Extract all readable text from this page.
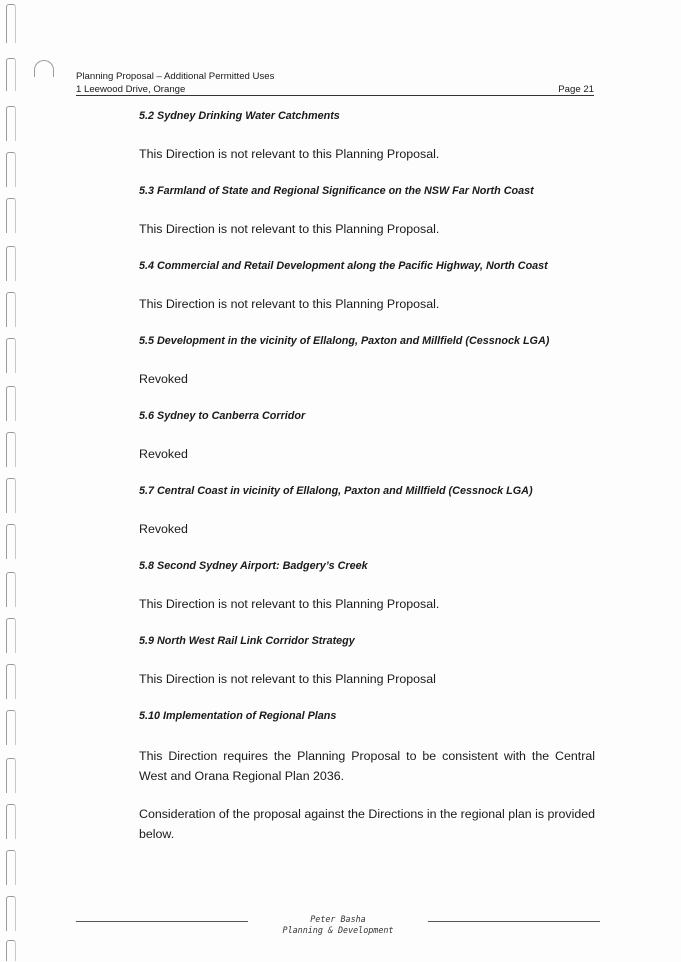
Planning Proposal – Additional Permitted Uses
1 Leewood Drive, Orange	Page 21

5.2 Sydney Drinking Water Catchments

This Direction is not relevant to this Planning Proposal.

5.3 Farmland of State and Regional Significance on the NSW Far North Coast

This Direction is not relevant to this Planning Proposal.

5.4 Commercial and Retail Development along the Pacific Highway, North Coast

This Direction is not relevant to this Planning Proposal.

5.5 Development in the vicinity of Ellalong, Paxton and Millfield (Cessnock LGA)

Revoked

5.6 Sydney to Canberra Corridor

Revoked

5.7 Central Coast in vicinity of Ellalong, Paxton and Millfield (Cessnock LGA)

Revoked

5.8 Second Sydney Airport: Badgery’s Creek

This Direction is not relevant to this Planning Proposal.

5.9 North West Rail Link Corridor Strategy

This Direction is not relevant to this Planning Proposal

5.10 Implementation of Regional Plans

This Direction requires the Planning Proposal to be consistent with the Central West and Orana Regional Plan 2036.

Consideration of the proposal against the Directions in the regional plan is provided below.

Peter Basha
Planning & Development
